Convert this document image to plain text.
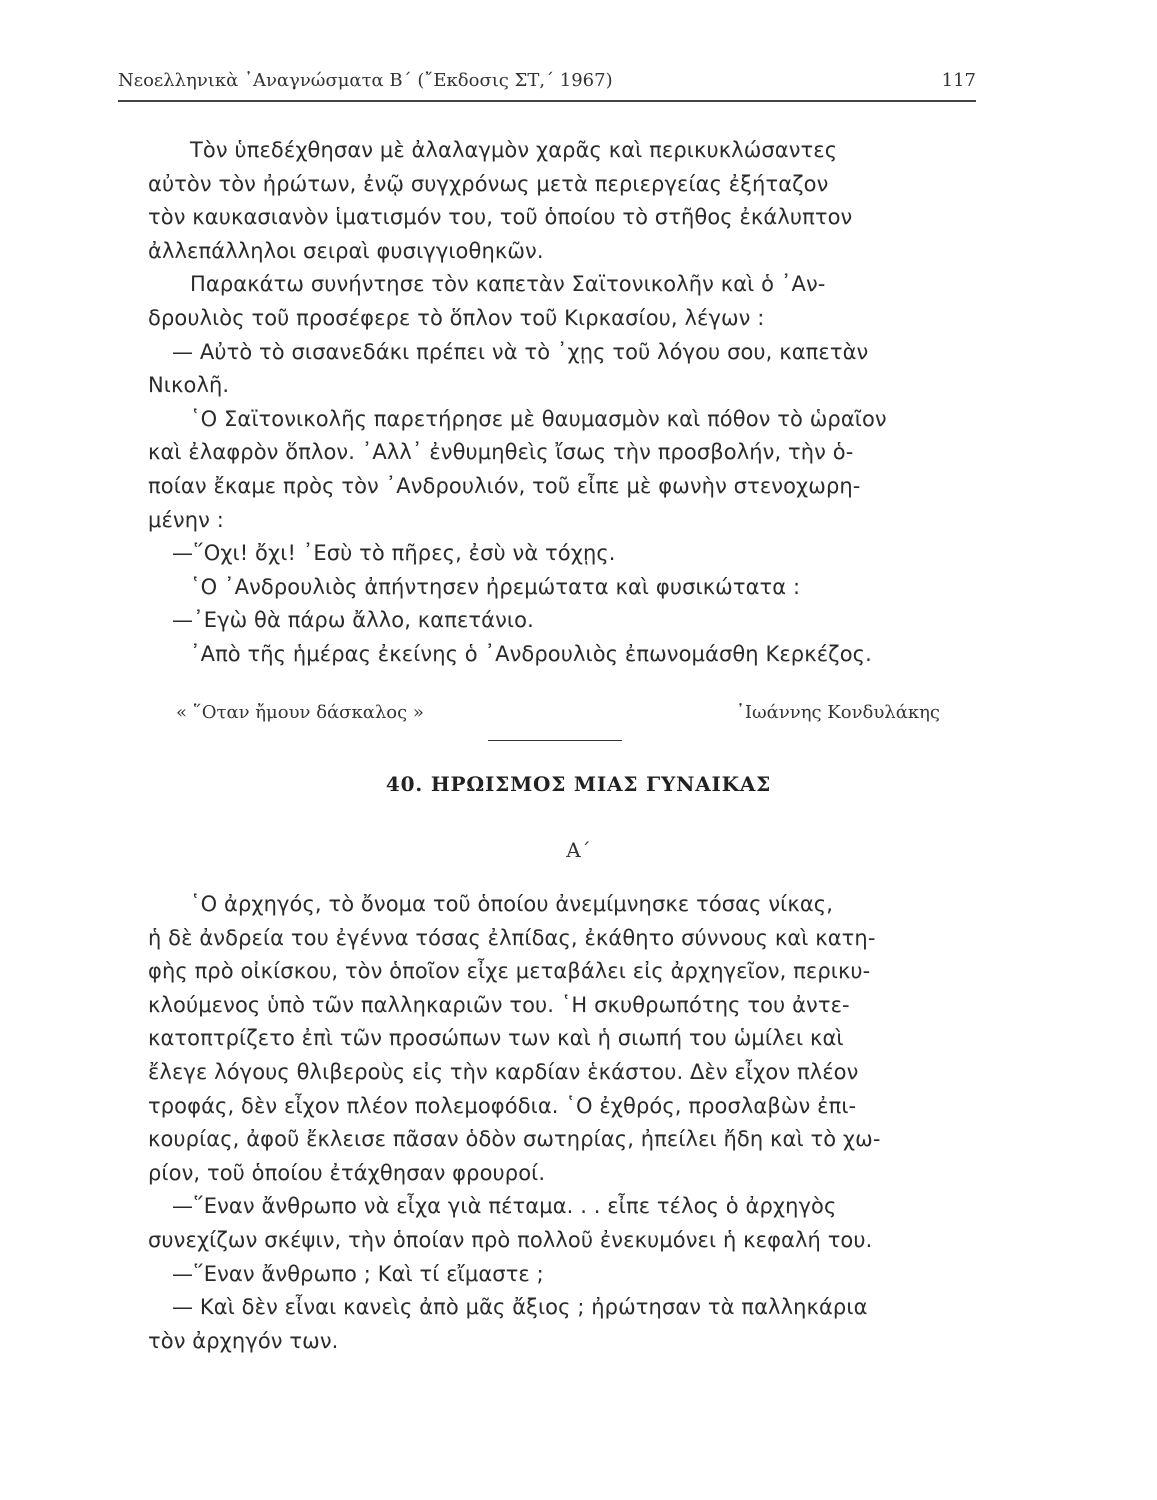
Νεοελληνικὰ ᾿Αναγνώσματα Β΄ (῎Εκδοσις ΣΤ,΄ 1967)	117
Τὸν ὑπεδέχθησαν μὲ ἀλαλαγμὸν χαρᾶς καὶ περικυκλώσαντες
αὐτὸν τὸν ἠρώτων, ἐνῷ συγχρόνως μετὰ περιεργείας ἐξήταζον
τὸν καυκασιανὸν ἱματισμόν του, τοῦ ὁποίου τὸ στῆθος ἐκάλυπτον
ἀλλεπάλληλοι σειραὶ φυσιγγιοθηκῶν.
Παρακάτω συνήντησε τὸν καπετὰν Σαϊτονικολῆν καὶ ὁ ᾿Αν-
δρουλιὸς τοῦ προσέφερε τὸ ὅπλον τοῦ Κιρκασίου, λέγων :
— Αὐτὸ τὸ σισανεδάκι πρέπει νὰ τὸ ᾿χῃς τοῦ λόγου σου, καπετὰν
Νικολῆ.
῾Ο Σαϊτονικολῆς παρετήρησε μὲ θαυμασμὸν καὶ πόθον τὸ ὡραῖον
καὶ ἐλαφρὸν ὅπλον. ᾿Αλλ᾿ ἐνθυμηθεὶς ἴσως τὴν προσβολήν, τὴν ὁ-
ποίαν ἔκαμε πρὸς τὸν ᾿Ανδρουλιόν, τοῦ εἶπε μὲ φωνὴν στενοχωρη-
μένην :
—῞Οχι! ὄχι! ᾿Εσὺ τὸ πῆρες, ἐσὺ νὰ τόχῃς.
῾Ο ᾿Ανδρουλιὸς ἀπήντησεν ἠρεμώτατα καὶ φυσικώτατα :
—᾿Εγὼ θὰ πάρω ἄλλο, καπετάνιο.
᾿Απὸ τῆς ἡμέρας ἐκείνης ὁ ᾿Ανδρουλιὸς ἐπωνομάσθη Κερκέζος.
« ῞Οταν ἤμουν δάσκαλος »	᾿Ιωάννης Κονδυλάκης
40. ΗΡΩΙΣΜΟΣ ΜΙΑΣ ΓΥΝΑΙΚΑΣ
Α΄
῾Ο ἀρχηγός, τὸ ὄνομα τοῦ ὁποίου ἀνεμίμνησκε τόσας νίκας,
ἡ δὲ ἀνδρεία του ἐγέννα τόσας ἐλπίδας, ἐκάθητο σύννους καὶ κατη-
φὴς πρὸ οἰκίσκου, τὸν ὁποῖον εἶχε μεταβάλει εἰς ἀρχηγεῖον, περικυ-
κλούμενος ὑπὸ τῶν παλληκαριῶν του. ῾Η σκυθρωπότης του ἀντε-
κατοπτρίζετο ἐπὶ τῶν προσώπων των καὶ ἡ σιωπή του ὡμίλει καὶ
ἔλεγε λόγους θλιβεροὺς εἰς τὴν καρδίαν ἑκάστου. Δὲν εἶχον πλέον
τροφάς, δὲν εἶχον πλέον πολεμοφόδια. ῾Ο ἐχθρός, προσλαβὼν ἐπι-
κουρίας, ἀφοῦ ἔκλεισε πᾶσαν ὁδὸν σωτηρίας, ἠπείλει ἤδη καὶ τὸ χω-
ρίον, τοῦ ὁποίου ἐτάχθησαν φρουροί.
—῞Εναν ἄνθρωπο νὰ εἶχα γιὰ πέταμα. . . εἶπε τέλος ὁ ἀρχηγὸς
συνεχίζων σκέψιν, τὴν ὁποίαν πρὸ πολλοῦ ἐνεκυμόνει ἡ κεφαλή του.
—῞Εναν ἄνθρωπο ; Καὶ τί εἴμαστε ;
— Καὶ δὲν εἶναι κανεὶς ἀπὸ μᾶς ἄξιος ; ἠρώτησαν τὰ παλληκάρια
τὸν ἀρχηγόν των.
